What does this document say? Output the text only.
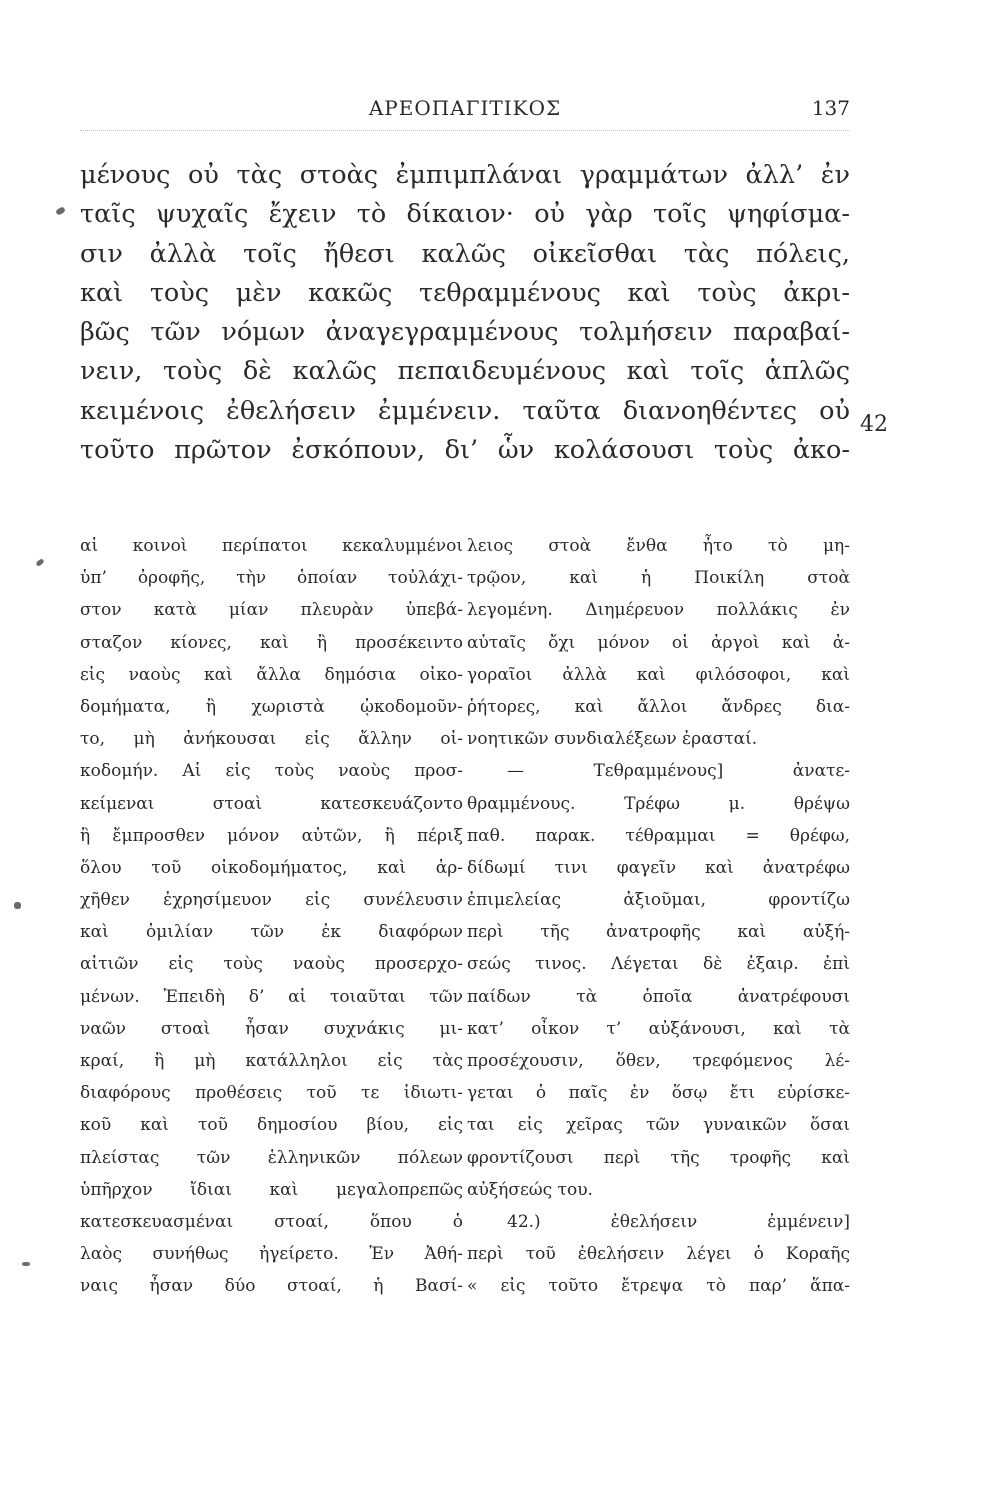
ΑΡΕΟΠΑΓΙΤΙΚΟΣ	137
μένους οὐ τὰς στοὰς ἐμπιμπλάναι γραμμάτων ἀλλ’ ἐν
ταῖς ψυχαῖς ἔχειν τὸ δίκαιον· οὐ γὰρ τοῖς ψηφίσμα-
σιν ἀλλὰ τοῖς ἤθεσι καλῶς οἰκεῖσθαι τὰς πόλεις,
καὶ τοὺς μὲν κακῶς τεθραμμένους καὶ τοὺς ἀκρι-
βῶς τῶν νόμων ἀναγεγραμμένους τολμήσειν παραβαί-
νειν, τοὺς δὲ καλῶς πεπαιδευμένους καὶ τοῖς ἁπλῶς
κειμένοις ἐθελήσειν ἐμμένειν. ταῦτα διανοηθέντες οὐ
τοῦτο πρῶτον ἐσκόπουν, δι’ ὧν κολάσουσι τοὺς ἀκο-
42
αἱ κοινοὶ περίπατοι κεκαλυμμένοι
ὑπ’ ὀροφῆς, τὴν ὁποίαν τοὐλάχι-
στον κατὰ μίαν πλευρὰν ὑπεβά-
σταζον κίονες, καὶ ἢ προσέκειντο
εἰς ναοὺς καὶ ἄλλα δημόσια οἰκο-
δομήματα, ἢ χωριστὰ ᾠκοδομοῦν-
το, μὴ ἀνήκουσαι εἰς ἄλλην οἰ-
κοδομήν. Αἱ εἰς τοὺς ναοὺς προσ-
κείμεναι στοαὶ κατεσκευάζοντο
ἢ ἔμπροσθεν μόνον αὐτῶν, ἢ πέριξ
ὅλου τοῦ οἰκοδομήματος, καὶ ἀρ-
χῆθεν ἐχρησίμευον εἰς συνέλευσιν
καὶ ὁμιλίαν τῶν ἐκ διαφόρων
αἰτιῶν εἰς τοὺς ναοὺς προσερχο-
μένων. Ἐπειδὴ δ’ αἱ τοιαῦται τῶν
ναῶν στοαὶ ἦσαν συχνάκις μι-
κραί, ἢ μὴ κατάλληλοι εἰς τὰς
διαφόρους προθέσεις τοῦ τε ἰδιωτι-
κοῦ καὶ τοῦ δημοσίου βίου, εἰς
πλείστας τῶν ἑλληνικῶν πόλεων
ὑπῆρχον ἴδιαι καὶ μεγαλοπρεπῶς
κατεσκευασμέναι στοαί, ὅπου ὁ
λαὸς συνήθως ἠγείρετο. Ἐν Ἀθή-
ναις ἦσαν δύο στοαί, ἡ Βασί-
λειος στοὰ ἔνθα ἦτο τὸ μη-
τρῷον, καὶ ἡ Ποικίλη στοὰ
λεγομένη. Διημέρευον πολλάκις ἐν
αὐταῖς ὄχι μόνον οἱ ἀργοὶ καὶ ἀ-
γοραῖοι ἀλλὰ καὶ φιλόσοφοι, καὶ
ῥήτορες, καὶ ἄλλοι ἄνδρες δια-
νοητικῶν συνδιαλέξεων ἐρασταί.
— Τεθραμμένους] ἀνατε-
θραμμένους. Τρέφω μ. θρέψω
παθ. παρακ. τέθραμμαι = θρέφω,
δίδωμί τινι φαγεῖν καὶ ἀνατρέφω
ἐπιμελείας ἀξιοῦμαι, φροντίζω
περὶ τῆς ἀνατροφῆς καὶ αὐξή-
σεώς τινος. Λέγεται δὲ ἐξαιρ. ἐπὶ
παίδων τὰ ὁποῖα ἀνατρέφουσι
κατ’ οἶκον τ’ αὐξάνουσι, καὶ τὰ
προσέχουσιν, ὅθεν, τρεφόμενος λέ-
γεται ὁ παῖς ἐν ὅσῳ ἔτι εὑρίσκε-
ται εἰς χεῖρας τῶν γυναικῶν ὅσαι
φροντίζουσι περὶ τῆς τροφῆς καὶ
αὐξήσεώς του.
42.) ἐθελήσειν ἐμμένειν]
περὶ τοῦ ἐθελήσειν λέγει ὁ Κοραῆς
« εἰς τοῦτο ἔτρεψα τὸ παρ’ ἅπα-
